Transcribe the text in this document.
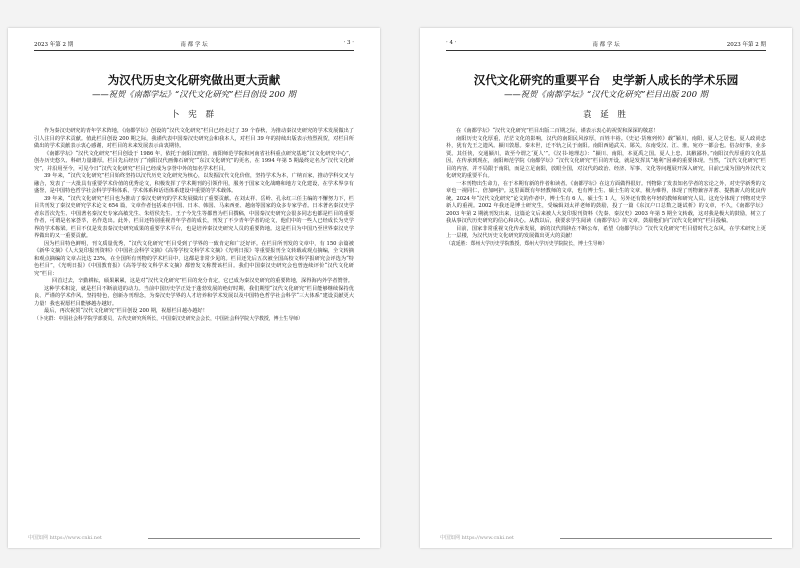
2023 年第 2 期	南 都 学 坛	· 3 ·
为汉代历史文化研究做出更大贡献
——祝贺《南都学坛》“汉代文化研究”栏目创设 200 期
卜 宪 群

作为秦汉史研究的青年学术阵地，《南都学坛》创设的“汉代文化研究”栏目已经走过了 39 个春秋，为推动秦汉史研究的学术发展做出了引人注目的学术贡献。值此栏目创设 200 期之际，我谨代表中国秦汉史研究会和我本人，对栏目 39 年的持续出版表示热烈祝贺，对栏目所做出的学术贡献表示衷心感谢，对栏目的未来发展表示由衷期待。

《南都学坛》“汉代文化研究”栏目创设于 1986 年，依托于南阳汉画馆、南阳师范学院和河南省社科重点研究基地“汉文化研究中心”，创办历史悠久、科研力量雄厚。栏目先后经历了“南阳汉代画像石研究”“东汉文化研究”的更名，在 1994 年第 5 期最终定名为“汉代文化研究”，并沿用至今，可见今日“汉代文化研究”栏目已经成为享誉中外的知名学术栏目。

39 年来，“汉代文化研究”栏目始终坚持以汉代历史文化研究为核心，以发掘汉代文化价值，坚持学术为本，广纳百家，推动学科交叉与融合，发表了一大批具有重要学术价值的优秀论文，积极发挥了学术期刊的引领作用，服务于国家文化战略和地方文化建设，在学术界享有盛誉，是中国特色哲学社会科学学科体系、学术体系和话语体系建设中重要的学术载体。

39 年来，“汉代文化研究”栏目也为推动了秦汉史研究的学术发展做出了重要贡献。在刘太祥、岳岭、孔永红三任主编的不懈努力下，栏目共刊发了秦汉史研究学术论文 654 篇，文章作者包括来自中国、日本、韩国、马来西亚、越南等国家的众多专家学者。日本著名秦汉史学者东晋次先生、中国著名秦汉史专家高敏先生、朱绍侯先生、王子今先生等都曾为栏目撰稿，中国秦汉史研究会很多同志也都是栏目的重要作者，可谓是名家荟萃，名作迭出。此外，栏目还特别重视青年学者的成长，刊发了不少青年学者的论文，他们中的一些人已经成长为史学界的学术栋梁。栏目不仅是发表秦汉史研究成果的重要学术平台，也是培养秦汉史研究人员的重要阵地。这是栏目为中国乃至世界秦汉史学界做出的又一重要贡献。

因为栏目特色鲜明，刊文质量优秀，“汉代文化研究”栏目受到了学界的一致肯定和广泛好评。在栏目所刊发的文章中，有 150 余篇被《新华文摘》《人大复印报刊资料》《中国社会科学文摘》《高等学校文科学术文摘》《光明日报》等重要报刊全文转载或观点摘编，全文转摘和观点摘编的文章占比达 23%，在全国所有刊物的学术栏目中，这都是非常少见的。栏目还先后五次被全国高校文科学报研究会评选为“特色栏目”，《光明日报》《中国教育报》《高等学校文科学术文摘》都曾发文称赞该栏目。我们中国秦汉史研究会也曾连续评价“汉代文化研究”栏目：

回首过去，辛勤耕耘，硕果累累，这是对“汉代文化研究”栏目的充分肯定，它已成为秦汉史研究的重要阵地，深得海内外学者赞誉。

这种学术积淀，就是栏目不断前进的动力。当前中国历史学正处于蓬勃发展的绝好时期，我们期望“汉代文化研究”栏目能够继续保持优良、严谨的学术作风，坚持特色，创新办刊理念，为秦汉史学界的人才培养和学术发展以及中国特色哲学社会科学“三大体系”建设贡献更大力量！我也祝愿栏目能够越办越好。

最后，再次祝贺“汉代文化研究”栏目创设 200 期，祝愿栏目越办越好！

（卜宪群：中国社会科学院学部委员，古代史研究所所长，中国秦汉史研究会会长，中国社会科学院大学教授，博士生导师）

中国知网 https://www.cnki.net
· 4 ·	南 都 学 坛	2023 年第 2 期
汉代文化研究的重要平台　史学新人成长的学术乐园
——祝贺《南都学坛》“汉代文化研究”栏目出版 200 期
袁 延 胜

在《南都学坛》“汉代文化研究”栏目出版二百期之际，谨表示衷心的祝贺和深深的敬意！

南阳历史文化厚重，茫茫文化的影响，汉代的南阳民风淳厚，百姓丰裕。《史记·货殖列传》载“颍川，南阳，夏人之居也。夏人政尚忠朴，犹有先王之遗风。颍川敦愿。秦末世，迁不轨之民于南阳。南阳西通武关、郧关，东南受汉、江、淮。宛亦一都会也。俗杂好事，业多贾。其任侠，交通颍川，故至今谓之‘夏人’”。《汉书·地理志》：“颍川、南阳，本夏禹之国。夏人上忠，其敝鄙朴。”南阳汉代厚重的文化基因，在传承到现在，南阳师范学院《南都学坛》“汉代文化研究”栏目的开设，就是发挥其“地利”因素的重要体现。当然，“汉代文化研究”栏目的内容，并不局限于南阳，而是立足南阳，放眼全国，对汉代的政治、经济、军事、文化等问题展开深入研究，目前已成为国内外汉代文化研究的重要平台。

一本刊物出生命力，在于本期有新的作者和读者。《南都学坛》在这方面做得很好。刊物除了发表知名学者的宏论之外，对史学新秀的文章也一视同仁，倍加呵护。这里面既有年轻教师的文章，也有博士生、硕士生的文章，极为难得，体现了刊物兼容并蓄、提携新人的优良传统。2024 年“汉代文化研究”论文的作者中，博士生有 6 人，硕士生 1 人，另外还有数名年轻的教师和研究人员。这充分体现了刊物对史学新人的重视。2002 年我还是博士研究生，受编辑刘太祥老师的鼓励，投了一篇《东汉户口总数之谜试析》的文章，不久，《南都学坛》2003 年第 2 期就刊发出来，这篇论文后来被人大复印报刊资料《先秦、秦汉史》2003 年第 5 期全文转载，这对我是极大的鼓励，树立了我从事汉代历史研究的信心和决心。从教以后，我要求学生阅读《南都学坛》的文章，鼓励他们向“汉代文化研究”栏目投稿。

目前，国家非常重视文化传承发展，新的汉代简牍在不断公布，希望《南都学坛》“汉代文化研究”栏目借时代之东风，在学术研究上更上一层楼，为汉代历史文化研究的发展做出更大的贡献！

（袁延胜：郑州大学历史学院教授，郑州大学历史学院院长，博士生导师）

中国知网 https://www.cnki.net
